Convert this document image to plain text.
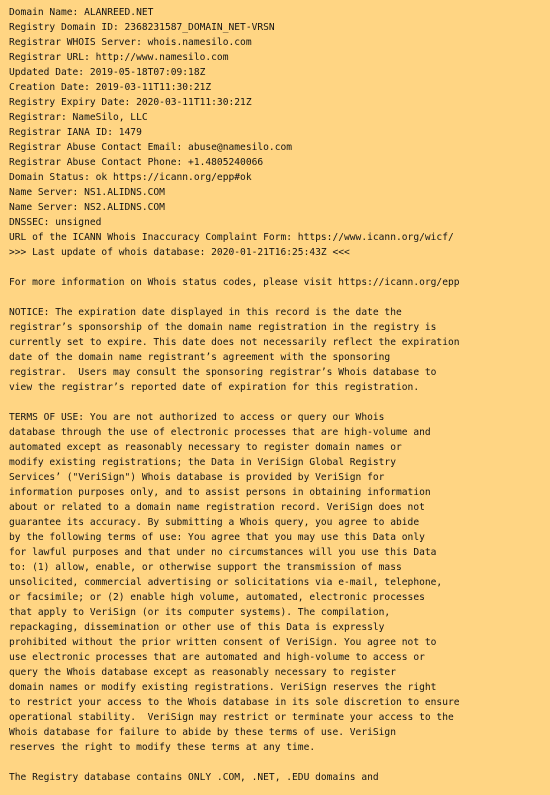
Domain Name: ALANREED.NET
Registry Domain ID: 2368231587_DOMAIN_NET-VRSN
Registrar WHOIS Server: whois.namesilo.com
Registrar URL: http://www.namesilo.com
Updated Date: 2019-05-18T07:09:18Z
Creation Date: 2019-03-11T11:30:21Z
Registry Expiry Date: 2020-03-11T11:30:21Z
Registrar: NameSilo, LLC
Registrar IANA ID: 1479
Registrar Abuse Contact Email: abuse@namesilo.com
Registrar Abuse Contact Phone: +1.4805240066
Domain Status: ok https://icann.org/epp#ok
Name Server: NS1.ALIDNS.COM
Name Server: NS2.ALIDNS.COM
DNSSEC: unsigned
URL of the ICANN Whois Inaccuracy Complaint Form: https://www.icann.org/wicf/
>>> Last update of whois database: 2020-01-21T16:25:43Z <<<
For more information on Whois status codes, please visit https://icann.org/epp
NOTICE: The expiration date displayed in this record is the date the
registrar’s sponsorship of the domain name registration in the registry is
currently set to expire. This date does not necessarily reflect the expiration
date of the domain name registrant’s agreement with the sponsoring
registrar.  Users may consult the sponsoring registrar’s Whois database to
view the registrar’s reported date of expiration for this registration.
TERMS OF USE: You are not authorized to access or query our Whois
database through the use of electronic processes that are high-volume and
automated except as reasonably necessary to register domain names or
modify existing registrations; the Data in VeriSign Global Registry
Services’ ("VeriSign") Whois database is provided by VeriSign for
information purposes only, and to assist persons in obtaining information
about or related to a domain name registration record. VeriSign does not
guarantee its accuracy. By submitting a Whois query, you agree to abide
by the following terms of use: You agree that you may use this Data only
for lawful purposes and that under no circumstances will you use this Data
to: (1) allow, enable, or otherwise support the transmission of mass
unsolicited, commercial advertising or solicitations via e-mail, telephone,
or facsimile; or (2) enable high volume, automated, electronic processes
that apply to VeriSign (or its computer systems). The compilation,
repackaging, dissemination or other use of this Data is expressly
prohibited without the prior written consent of VeriSign. You agree not to
use electronic processes that are automated and high-volume to access or
query the Whois database except as reasonably necessary to register
domain names or modify existing registrations. VeriSign reserves the right
to restrict your access to the Whois database in its sole discretion to ensure
operational stability.  VeriSign may restrict or terminate your access to the
Whois database for failure to abide by these terms of use. VeriSign
reserves the right to modify these terms at any time.
The Registry database contains ONLY .COM, .NET, .EDU domains and
